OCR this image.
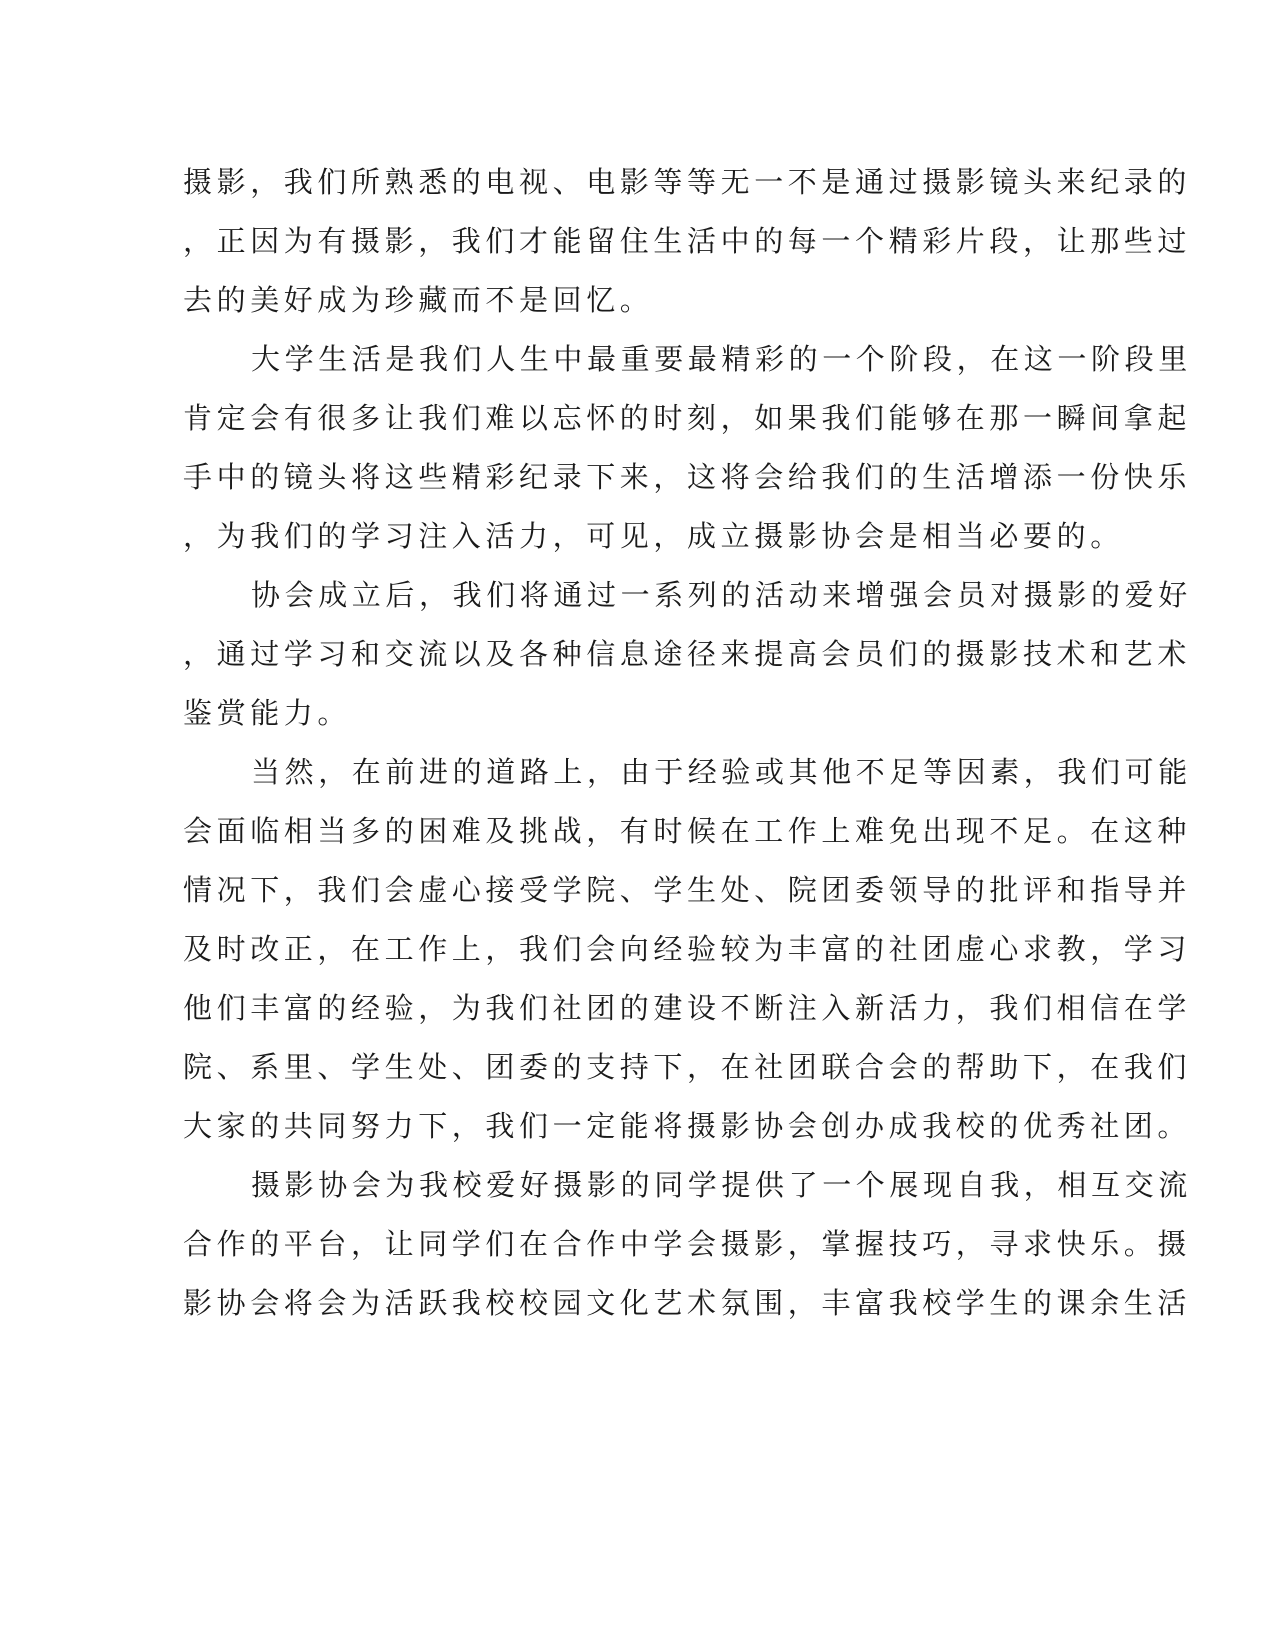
摄影，我们所熟悉的电视、电影等等无一不是通过摄影镜头来纪录的
，正因为有摄影，我们才能留住生活中的每一个精彩片段，让那些过
去的美好成为珍藏而不是回忆。
大学生活是我们人生中最重要最精彩的一个阶段，在这一阶段里
肯定会有很多让我们难以忘怀的时刻，如果我们能够在那一瞬间拿起
手中的镜头将这些精彩纪录下来，这将会给我们的生活增添一份快乐
，为我们的学习注入活力，可见，成立摄影协会是相当必要的。
协会成立后，我们将通过一系列的活动来增强会员对摄影的爱好
，通过学习和交流以及各种信息途径来提高会员们的摄影技术和艺术
鉴赏能力。
当然，在前进的道路上，由于经验或其他不足等因素，我们可能
会面临相当多的困难及挑战，有时候在工作上难免出现不足。在这种
情况下，我们会虚心接受学院、学生处、院团委领导的批评和指导并
及时改正，在工作上，我们会向经验较为丰富的社团虚心求教，学习
他们丰富的经验，为我们社团的建设不断注入新活力，我们相信在学
院、系里、学生处、团委的支持下，在社团联合会的帮助下，在我们
大家的共同努力下，我们一定能将摄影协会创办成我校的优秀社团。
摄影协会为我校爱好摄影的同学提供了一个展现自我，相互交流
合作的平台，让同学们在合作中学会摄影，掌握技巧，寻求快乐。摄
影协会将会为活跃我校校园文化艺术氛围，丰富我校学生的课余生活
